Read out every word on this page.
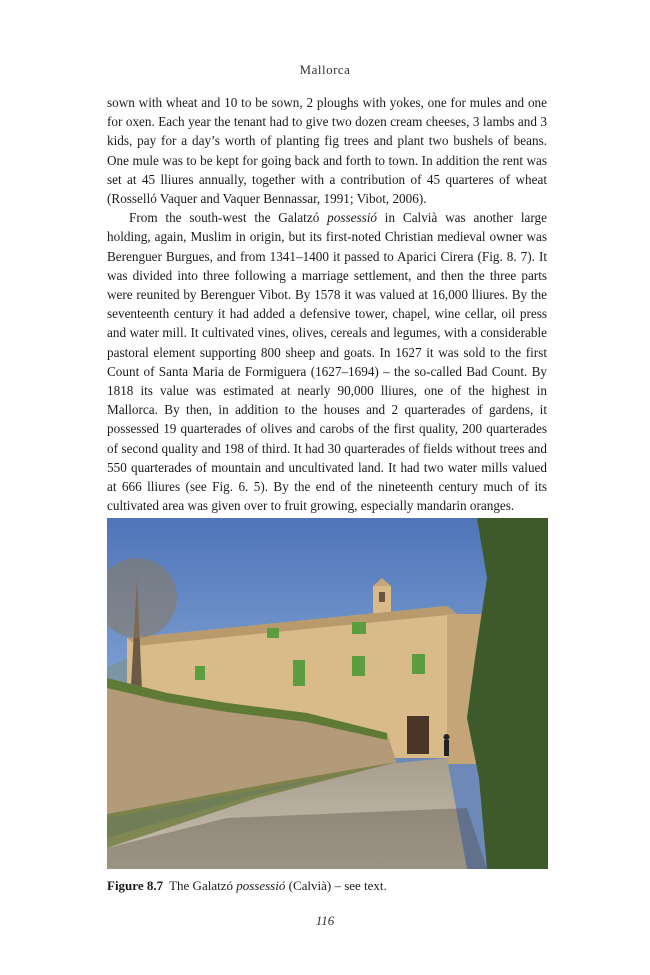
Mallorca

sown with wheat and 10 to be sown, 2 ploughs with yokes, one for mules and one for oxen. Each year the tenant had to give two dozen cream cheeses, 3 lambs and 3 kids, pay for a day’s worth of planting fig trees and plant two bushels of beans. One mule was to be kept for going back and forth to town. In addition the rent was set at 45 lliures annually, together with a contribution of 45 quarteres of wheat (Rosselló Vaquer and Vaquer Bennassar, 1991; Vibot, 2006).

From the south-west the Galatzó possessió in Calvià was another large holding, again, Muslim in origin, but its first-noted Christian medieval owner was Berenguer Burgues, and from 1341–1400 it passed to Aparici Cirera (Fig. 8. 7). It was divided into three following a marriage settlement, and then the three parts were reunited by Berenguer Vibot. By 1578 it was valued at 16,000 lliures. By the seventeenth century it had added a defensive tower, chapel, wine cellar, oil press and water mill. It cultivated vines, olives, cereals and legumes, with a considerable pastoral element supporting 800 sheep and goats. In 1627 it was sold to the first Count of Santa Maria de Formiguera (1627–1694) – the so-called Bad Count. By 1818 its value was estimated at nearly 90,000 lliures, one of the highest in Mallorca. By then, in addition to the houses and 2 quarterades of gardens, it possessed 19 quarterades of olives and carobs of the first quality, 200 quarterades of second quality and 198 of third. It had 30 quarterades of fields without trees and 550 quarterades of mountain and uncultivated land. It had two water mills valued at 666 lliures (see Fig. 6. 5). By the end of the nineteenth century much of its cultivated area was given over to fruit growing, especially mandarin oranges.

Figure 8.7 The Galatzó possessió (Calvià) – see text.
116
